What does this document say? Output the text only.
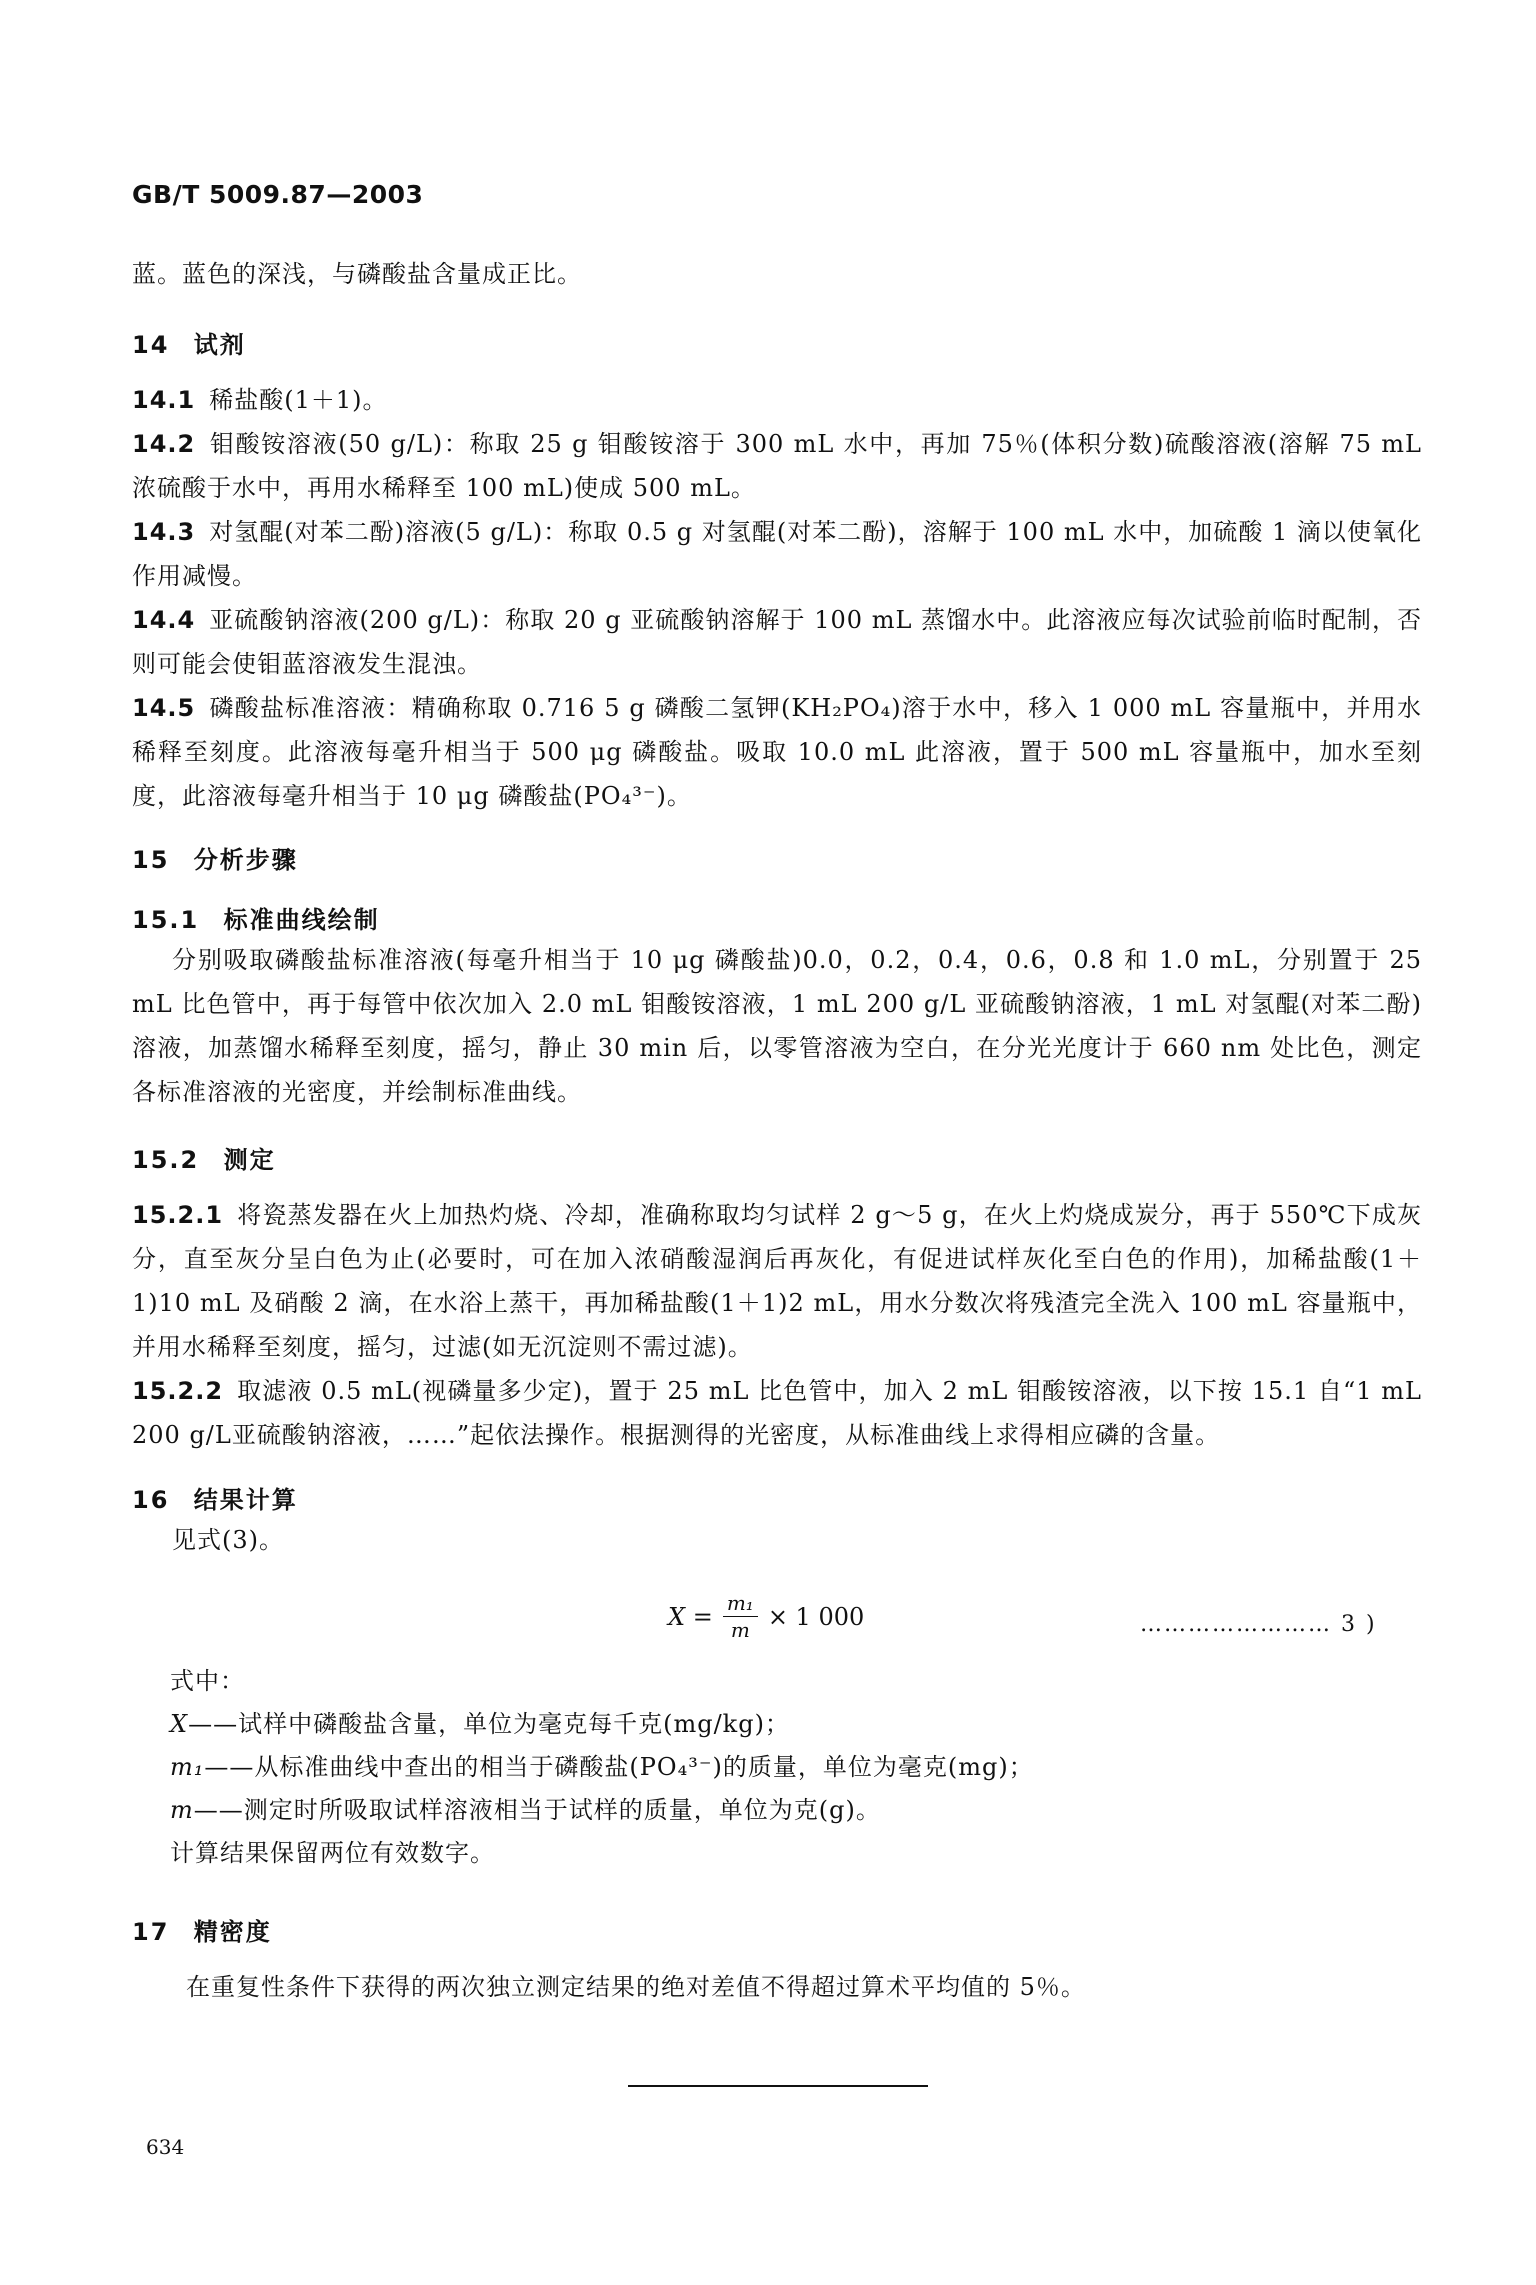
GB/T 5009.87—2003
蓝。蓝色的深浅，与磷酸盐含量成正比。
14 试剂
14.1 稀盐酸(1＋1)。
14.2 钼酸铵溶液(50 g/L)：称取 25 g 钼酸铵溶于 300 mL 水中，再加 75％(体积分数)硫酸溶液(溶解 75 mL 浓硫酸于水中，再用水稀释至 100 mL)使成 500 mL。
14.3 对氢醌(对苯二酚)溶液(5 g/L)：称取 0.5 g 对氢醌(对苯二酚)，溶解于 100 mL 水中，加硫酸 1 滴以使氧化作用减慢。
14.4 亚硫酸钠溶液(200 g/L)：称取 20 g 亚硫酸钠溶解于 100 mL 蒸馏水中。此溶液应每次试验前临时配制，否则可能会使钼蓝溶液发生混浊。
14.5 磷酸盐标准溶液：精确称取 0.716 5 g 磷酸二氢钾(KH₂PO₄)溶于水中，移入 1 000 mL 容量瓶中，并用水稀释至刻度。此溶液每毫升相当于 500 μg 磷酸盐。吸取 10.0 mL 此溶液，置于 500 mL 容量瓶中，加水至刻度，此溶液每毫升相当于 10 μg 磷酸盐(PO₄³⁻)。
15 分析步骤
15.1 标准曲线绘制
分别吸取磷酸盐标准溶液(每毫升相当于 10 μg 磷酸盐)0.0，0.2，0.4，0.6，0.8 和 1.0 mL，分别置于 25 mL 比色管中，再于每管中依次加入 2.0 mL 钼酸铵溶液，1 mL 200 g/L 亚硫酸钠溶液，1 mL 对氢醌(对苯二酚)溶液，加蒸馏水稀释至刻度，摇匀，静止 30 min 后，以零管溶液为空白，在分光光度计于 660 nm 处比色，测定各标准溶液的光密度，并绘制标准曲线。
15.2 测定
15.2.1 将瓷蒸发器在火上加热灼烧、冷却，准确称取均匀试样 2 g～5 g，在火上灼烧成炭分，再于 550℃下成灰分，直至灰分呈白色为止(必要时，可在加入浓硝酸湿润后再灰化，有促进试样灰化至白色的作用)，加稀盐酸(1＋1)10 mL 及硝酸 2 滴，在水浴上蒸干，再加稀盐酸(1＋1)2 mL，用水分数次将残渣完全洗入 100 mL 容量瓶中，并用水稀释至刻度，摇匀，过滤(如无沉淀则不需过滤)。
15.2.2 取滤液 0.5 mL(视磷量多少定)，置于 25 mL 比色管中，加入 2 mL 钼酸铵溶液，以下按 15.1 自“1 mL 200 g/L亚硫酸钠溶液，……”起依法操作。根据测得的光密度，从标准曲线上求得相应磷的含量。
16 结果计算
见式(3)。
$X = \frac{\text{m₁}}{m} \times 1$ 000	…………………… 3 )
式中：
X——试样中磷酸盐含量，单位为毫克每千克(mg/kg)；
m₁——从标准曲线中查出的相当于磷酸盐(PO₄³⁻)的质量，单位为毫克(mg)；
m——测定时所吸取试样溶液相当于试样的质量，单位为克(g)。
计算结果保留两位有效数字。
17 精密度
在重复性条件下获得的两次独立测定结果的绝对差值不得超过算术平均值的 5％。
634
